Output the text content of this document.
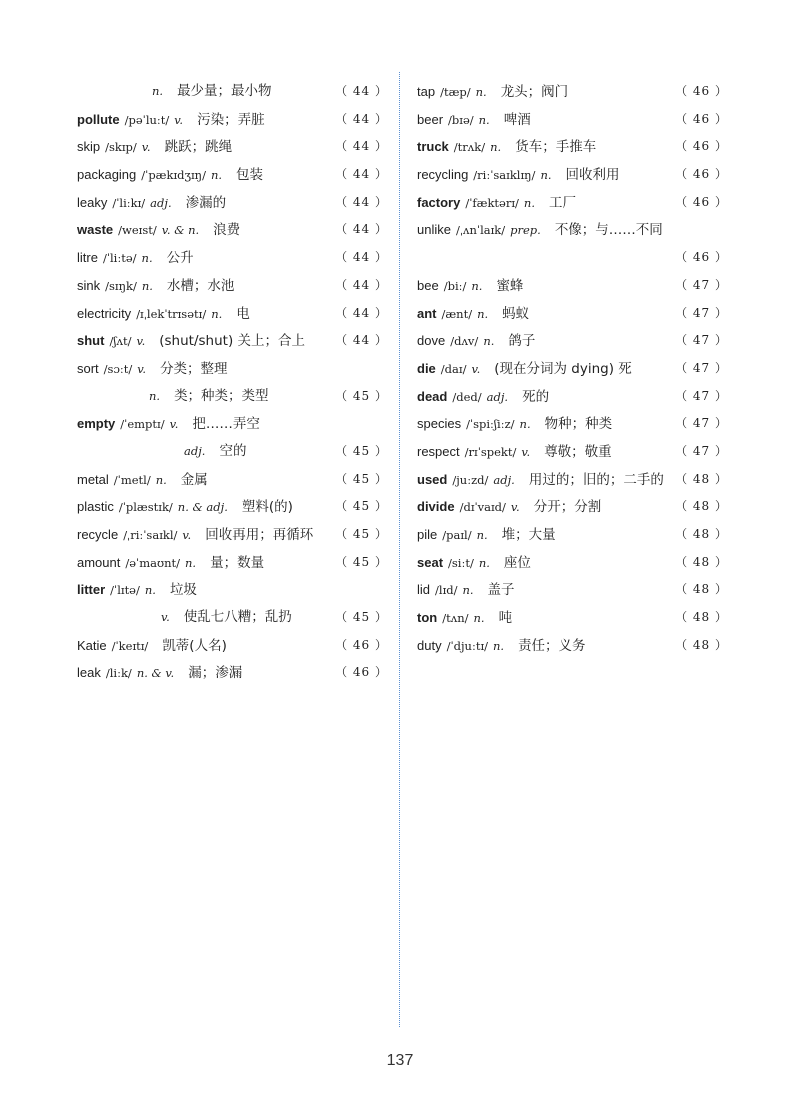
n. 最少量；最小物	（ 44 ）
pollute /pəˈluːt/ v. 污染；弄脏	（ 44 ）
skip /skɪp/ v. 跳跃；跳绳	（ 44 ）
packaging /ˈpækɪdʒɪŋ/ n. 包装	（ 44 ）
leaky /ˈliːkɪ/ adj. 渗漏的	（ 44 ）
waste /weɪst/ v. & n. 浪费	（ 44 ）
litre /ˈliːtə/ n. 公升	（ 44 ）
sink /sɪŋk/ n. 水槽；水池	（ 44 ）
electricity /ɪˌlekˈtrɪsətɪ/ n. 电	（ 44 ）
shut /ʃʌt/ v. (shut/shut) 关上；合上	（ 44 ）
sort /sɔːt/ v. 分类；整理
n. 类；种类；类型	（ 45 ）
empty /ˈemptɪ/ v. 把……弄空
adj. 空的	（ 45 ）
metal /ˈmetl/ n. 金属	（ 45 ）
plastic /ˈplæstɪk/ n. & adj. 塑料(的)	（ 45 ）
recycle /ˌriːˈsaɪkl/ v. 回收再用；再循环 （ 45 ）
amount /əˈmaʊnt/ n. 量；数量	（ 45 ）
litter /ˈlɪtə/ n. 垃圾
v. 使乱七八糟；乱扔	（ 45 ）
Katie /ˈkeɪtɪ/ 凯蒂(人名)	（ 46 ）
leak /liːk/ n. & v. 漏；渗漏	（ 46 ）
tap /tæp/ n. 龙头；阀门	（ 46 ）
beer /bɪə/ n. 啤酒	（ 46 ）
truck /trʌk/ n. 货车；手推车	（ 46 ）
recycling /riːˈsaɪklɪŋ/ n. 回收利用	（ 46 ）
factory /ˈfæktərɪ/ n. 工厂	（ 46 ）
unlike /ˌʌnˈlaɪk/ prep. 不像；与……不同
（ 46 ）
bee /biː/ n. 蜜蜂	（ 47 ）
ant /ænt/ n. 蚂蚁	（ 47 ）
dove /dʌv/ n. 鸽子	（ 47 ）
die /daɪ/ v. (现在分词为 dying) 死	（ 47 ）
dead /ded/ adj. 死的	（ 47 ）
species /ˈspiːʃiːz/ n. 物种；种类	（ 47 ）
respect /rɪˈspekt/ v. 尊敬；敬重	（ 47 ）
used /juːzd/ adj. 用过的；旧的；二手的 （ 48 ）
divide /dɪˈvaɪd/ v. 分开；分割	（ 48 ）
pile /paɪl/ n. 堆；大量	（ 48 ）
seat /siːt/ n. 座位	（ 48 ）
lid /lɪd/ n. 盖子	（ 48 ）
ton /tʌn/ n. 吨	（ 48 ）
duty /ˈdjuːtɪ/ n. 责任；义务	（ 48 ）
137
